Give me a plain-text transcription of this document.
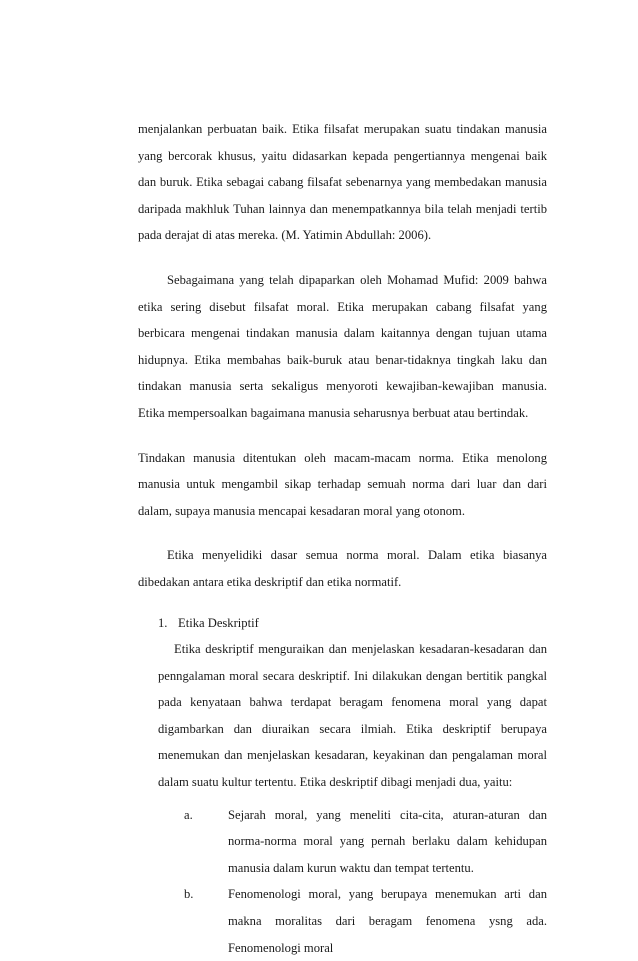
menjalankan perbuatan baik. Etika filsafat merupakan suatu tindakan manusia yang bercorak khusus, yaitu didasarkan kepada pengertiannya mengenai baik dan buruk. Etika sebagai cabang filsafat sebenarnya yang membedakan manusia daripada makhluk Tuhan lainnya dan menempatkannya bila telah menjadi tertib pada derajat di atas mereka. (M. Yatimin Abdullah: 2006).

Sebagaimana yang telah dipaparkan oleh Mohamad Mufid: 2009 bahwa etika sering disebut filsafat moral. Etika merupakan cabang filsafat yang berbicara mengenai tindakan manusia dalam kaitannya dengan tujuan utama hidupnya. Etika membahas baik-buruk atau benar-tidaknya tingkah laku dan tindakan manusia serta sekaligus menyoroti kewajiban-kewajiban manusia. Etika mempersoalkan bagaimana manusia seharusnya berbuat atau bertindak.

Tindakan manusia ditentukan oleh macam-macam norma. Etika menolong manusia untuk mengambil sikap terhadap semuah norma dari luar dan dari dalam, supaya manusia mencapai kesadaran moral yang otonom.

Etika menyelidiki dasar semua norma moral. Dalam etika biasanya dibedakan antara etika deskriptif dan etika normatif.

1. Etika Deskriptif

Etika deskriptif menguraikan dan menjelaskan kesadaran-kesadaran dan penngalaman moral secara deskriptif. Ini dilakukan dengan bertitik pangkal pada kenyataan bahwa terdapat beragam fenomena moral yang dapat digambarkan dan diuraikan secara ilmiah. Etika deskriptif berupaya menemukan dan menjelaskan kesadaran, keyakinan dan pengalaman moral dalam suatu kultur tertentu. Etika deskriptif dibagi menjadi dua, yaitu:

a.	Sejarah moral, yang meneliti cita-cita, aturan-aturan dan norma-norma moral yang pernah berlaku dalam kehidupan manusia dalam kurun waktu dan tempat tertentu.

b.	Fenomenologi moral, yang berupaya menemukan arti dan makna moralitas dari beragam fenomena ysng ada. Fenomenologi moral
